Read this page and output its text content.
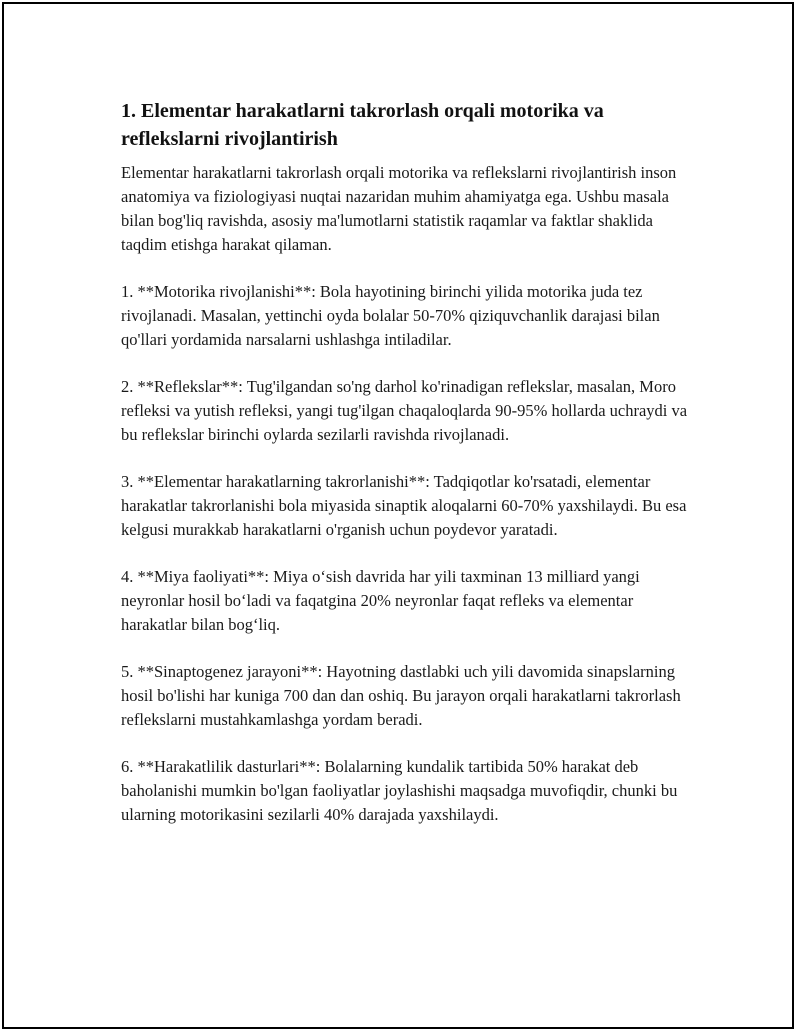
1. Elementar harakatlarni takrorlash orqali motorika va reflekslarni rivojlantirish

Elementar harakatlarni takrorlash orqali motorika va reflekslarni rivojlantirish inson anatomiya va fiziologiyasi nuqtai nazaridan muhim ahamiyatga ega. Ushbu masala bilan bog'liq ravishda, asosiy ma'lumotlarni statistik raqamlar va faktlar shaklida taqdim etishga harakat qilaman.

1. **Motorika rivojlanishi**: Bola hayotining birinchi yilida motorika juda tez rivojlanadi. Masalan, yettinchi oyda bolalar 50-70% qiziquvchanlik darajasi bilan qo'llari yordamida narsalarni ushlashga intiladilar.

2. **Reflekslar**: Tug'ilgandan so'ng darhol ko'rinadigan reflekslar, masalan, Moro refleksi va yutish refleksi, yangi tug'ilgan chaqaloqlarda 90-95% hollarda uchraydi va bu reflekslar birinchi oylarda sezilarli ravishda rivojlanadi.

3. **Elementar harakatlarning takrorlanishi**: Tadqiqotlar ko'rsatadi, elementar harakatlar takrorlanishi bola miyasida sinaptik aloqalarni 60-70% yaxshilaydi. Bu esa kelgusi murakkab harakatlarni o'rganish uchun poydevor yaratadi.

4. **Miya faoliyati**: Miya o‘sish davrida har yili taxminan 13 milliard yangi neyronlar hosil bo‘ladi va faqatgina 20% neyronlar faqat refleks va elementar harakatlar bilan bog‘liq.

5. **Sinaptogenez jarayoni**: Hayotning dastlabki uch yili davomida sinapslarning hosil bo'lishi har kuniga 700 dan dan oshiq. Bu jarayon orqali harakatlarni takrorlash reflekslarni mustahkamlashga yordam beradi.

6. **Harakatlilik dasturlari**: Bolalarning kundalik tartibida 50% harakat deb baholanishi mumkin bo'lgan faoliyatlar joylashishi maqsadga muvofiqdir, chunki bu ularning motorikasini sezilarli 40% darajada yaxshilaydi.
